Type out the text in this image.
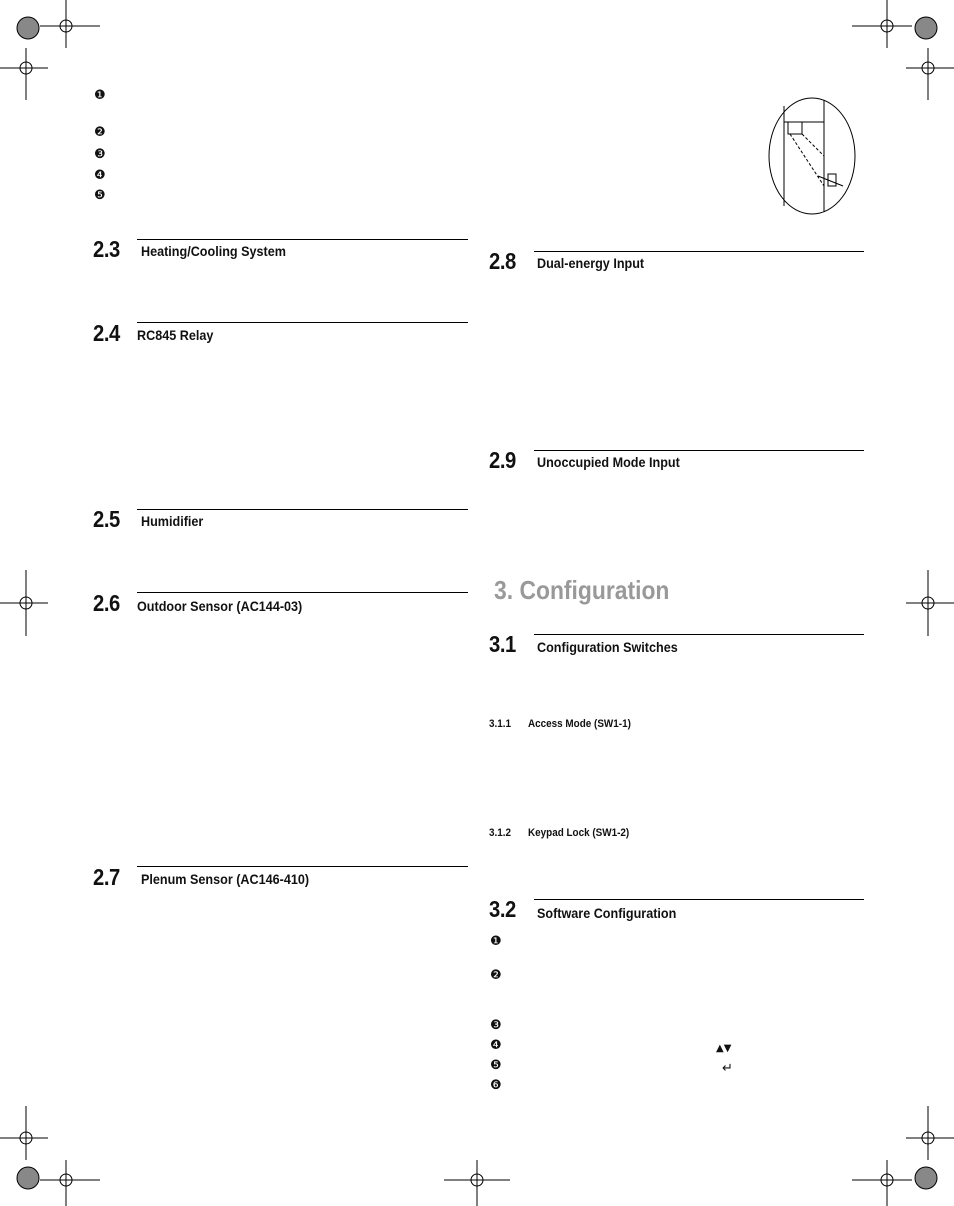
❶
❷
❸
❹
❺
2.3 Heating/Cooling System
2.4 RC845 Relay
2.5 Humidifier
2.6 Outdoor Sensor (AC144-03)
2.7 Plenum Sensor (AC146-410)
2.8 Dual-energy Input
2.9 Unoccupied Mode Input
3. Configuration
3.1 Configuration Switches
3.1.1 Access Mode (SW1-1)
3.1.2 Keypad Lock (SW1-2)
3.2 Software Configuration
❶
❷
❸
❹
❺
❻
▲▼
↵
